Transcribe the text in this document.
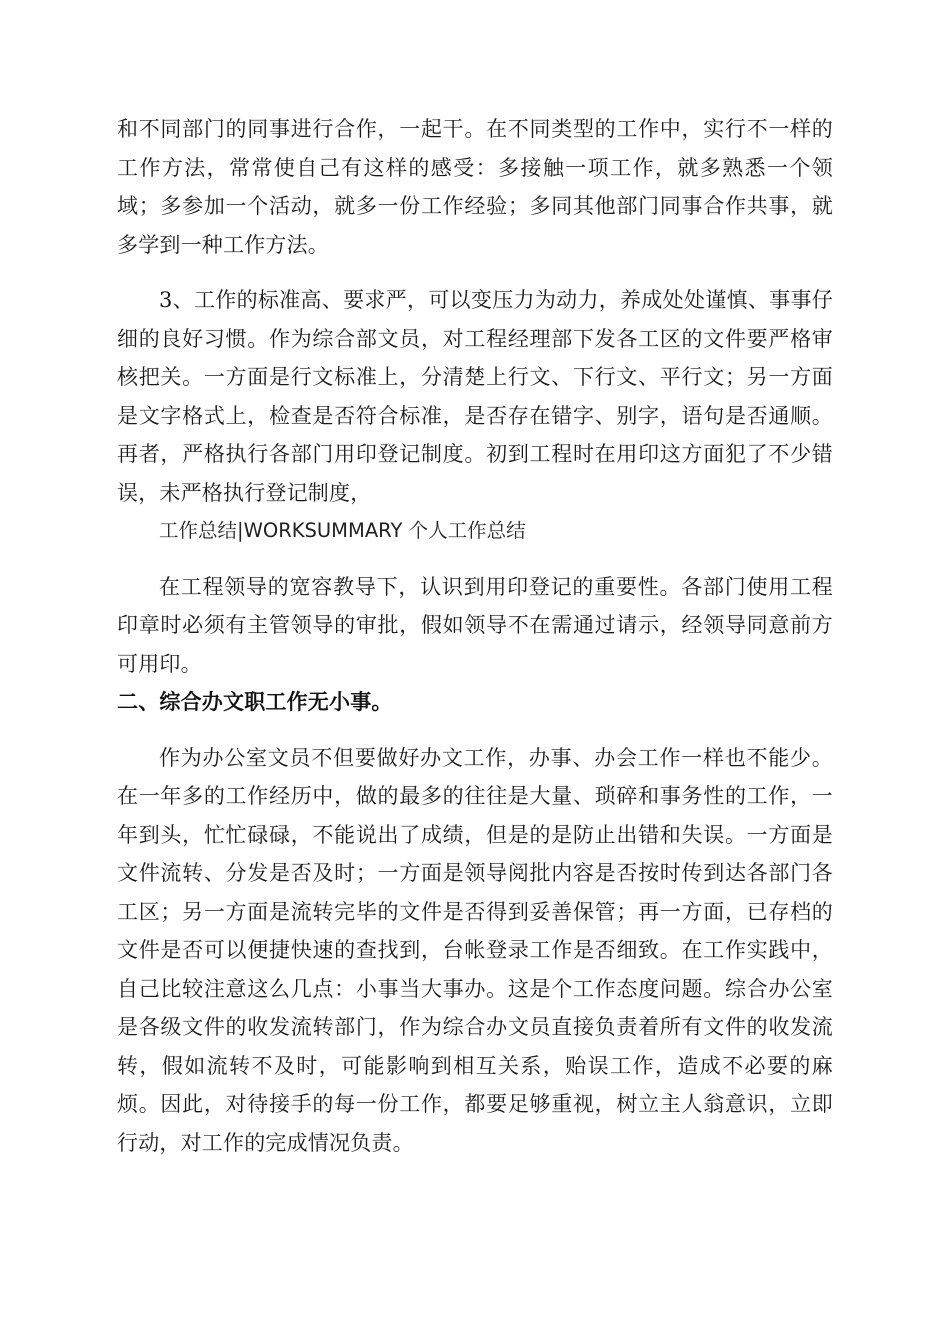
和不同部门的同事进行合作，一起干。在不同类型的工作中，实行不一样的工作方法，常常使自己有这样的感受：多接触一项工作，就多熟悉一个领域；多参加一个活动，就多一份工作经验；多同其他部门同事合作共事，就多学到一种工作方法。

3、工作的标准高、要求严，可以变压力为动力，养成处处谨慎、事事仔细的良好习惯。作为综合部文员，对工程经理部下发各工区的文件要严格审核把关。一方面是行文标准上，分清楚上行文、下行文、平行文；另一方面是文字格式上，检查是否符合标准，是否存在错字、别字，语句是否通顺。再者，严格执行各部门用印登记制度。初到工程时在用印这方面犯了不少错误，未严格执行登记制度，

工作总结|WORKSUMMARY 个人工作总结

在工程领导的宽容教导下，认识到用印登记的重要性。各部门使用工程印章时必须有主管领导的审批，假如领导不在需通过请示，经领导同意前方可用印。

二、综合办文职工作无小事。

作为办公室文员不但要做好办文工作，办事、办会工作一样也不能少。在一年多的工作经历中，做的最多的往往是大量、琐碎和事务性的工作，一年到头，忙忙碌碌，不能说出了成绩，但是的是防止出错和失误。一方面是文件流转、分发是否及时；一方面是领导阅批内容是否按时传到达各部门各工区；另一方面是流转完毕的文件是否得到妥善保管；再一方面，已存档的文件是否可以便捷快速的查找到，台帐登录工作是否细致。在工作实践中，自己比较注意这么几点：小事当大事办。这是个工作态度问题。综合办公室是各级文件的收发流转部门，作为综合办文员直接负责着所有文件的收发流转，假如流转不及时，可能影响到相互关系，贻误工作，造成不必要的麻烦。因此，对待接手的每一份工作，都要足够重视，树立主人翁意识，立即行动，对工作的完成情况负责。
